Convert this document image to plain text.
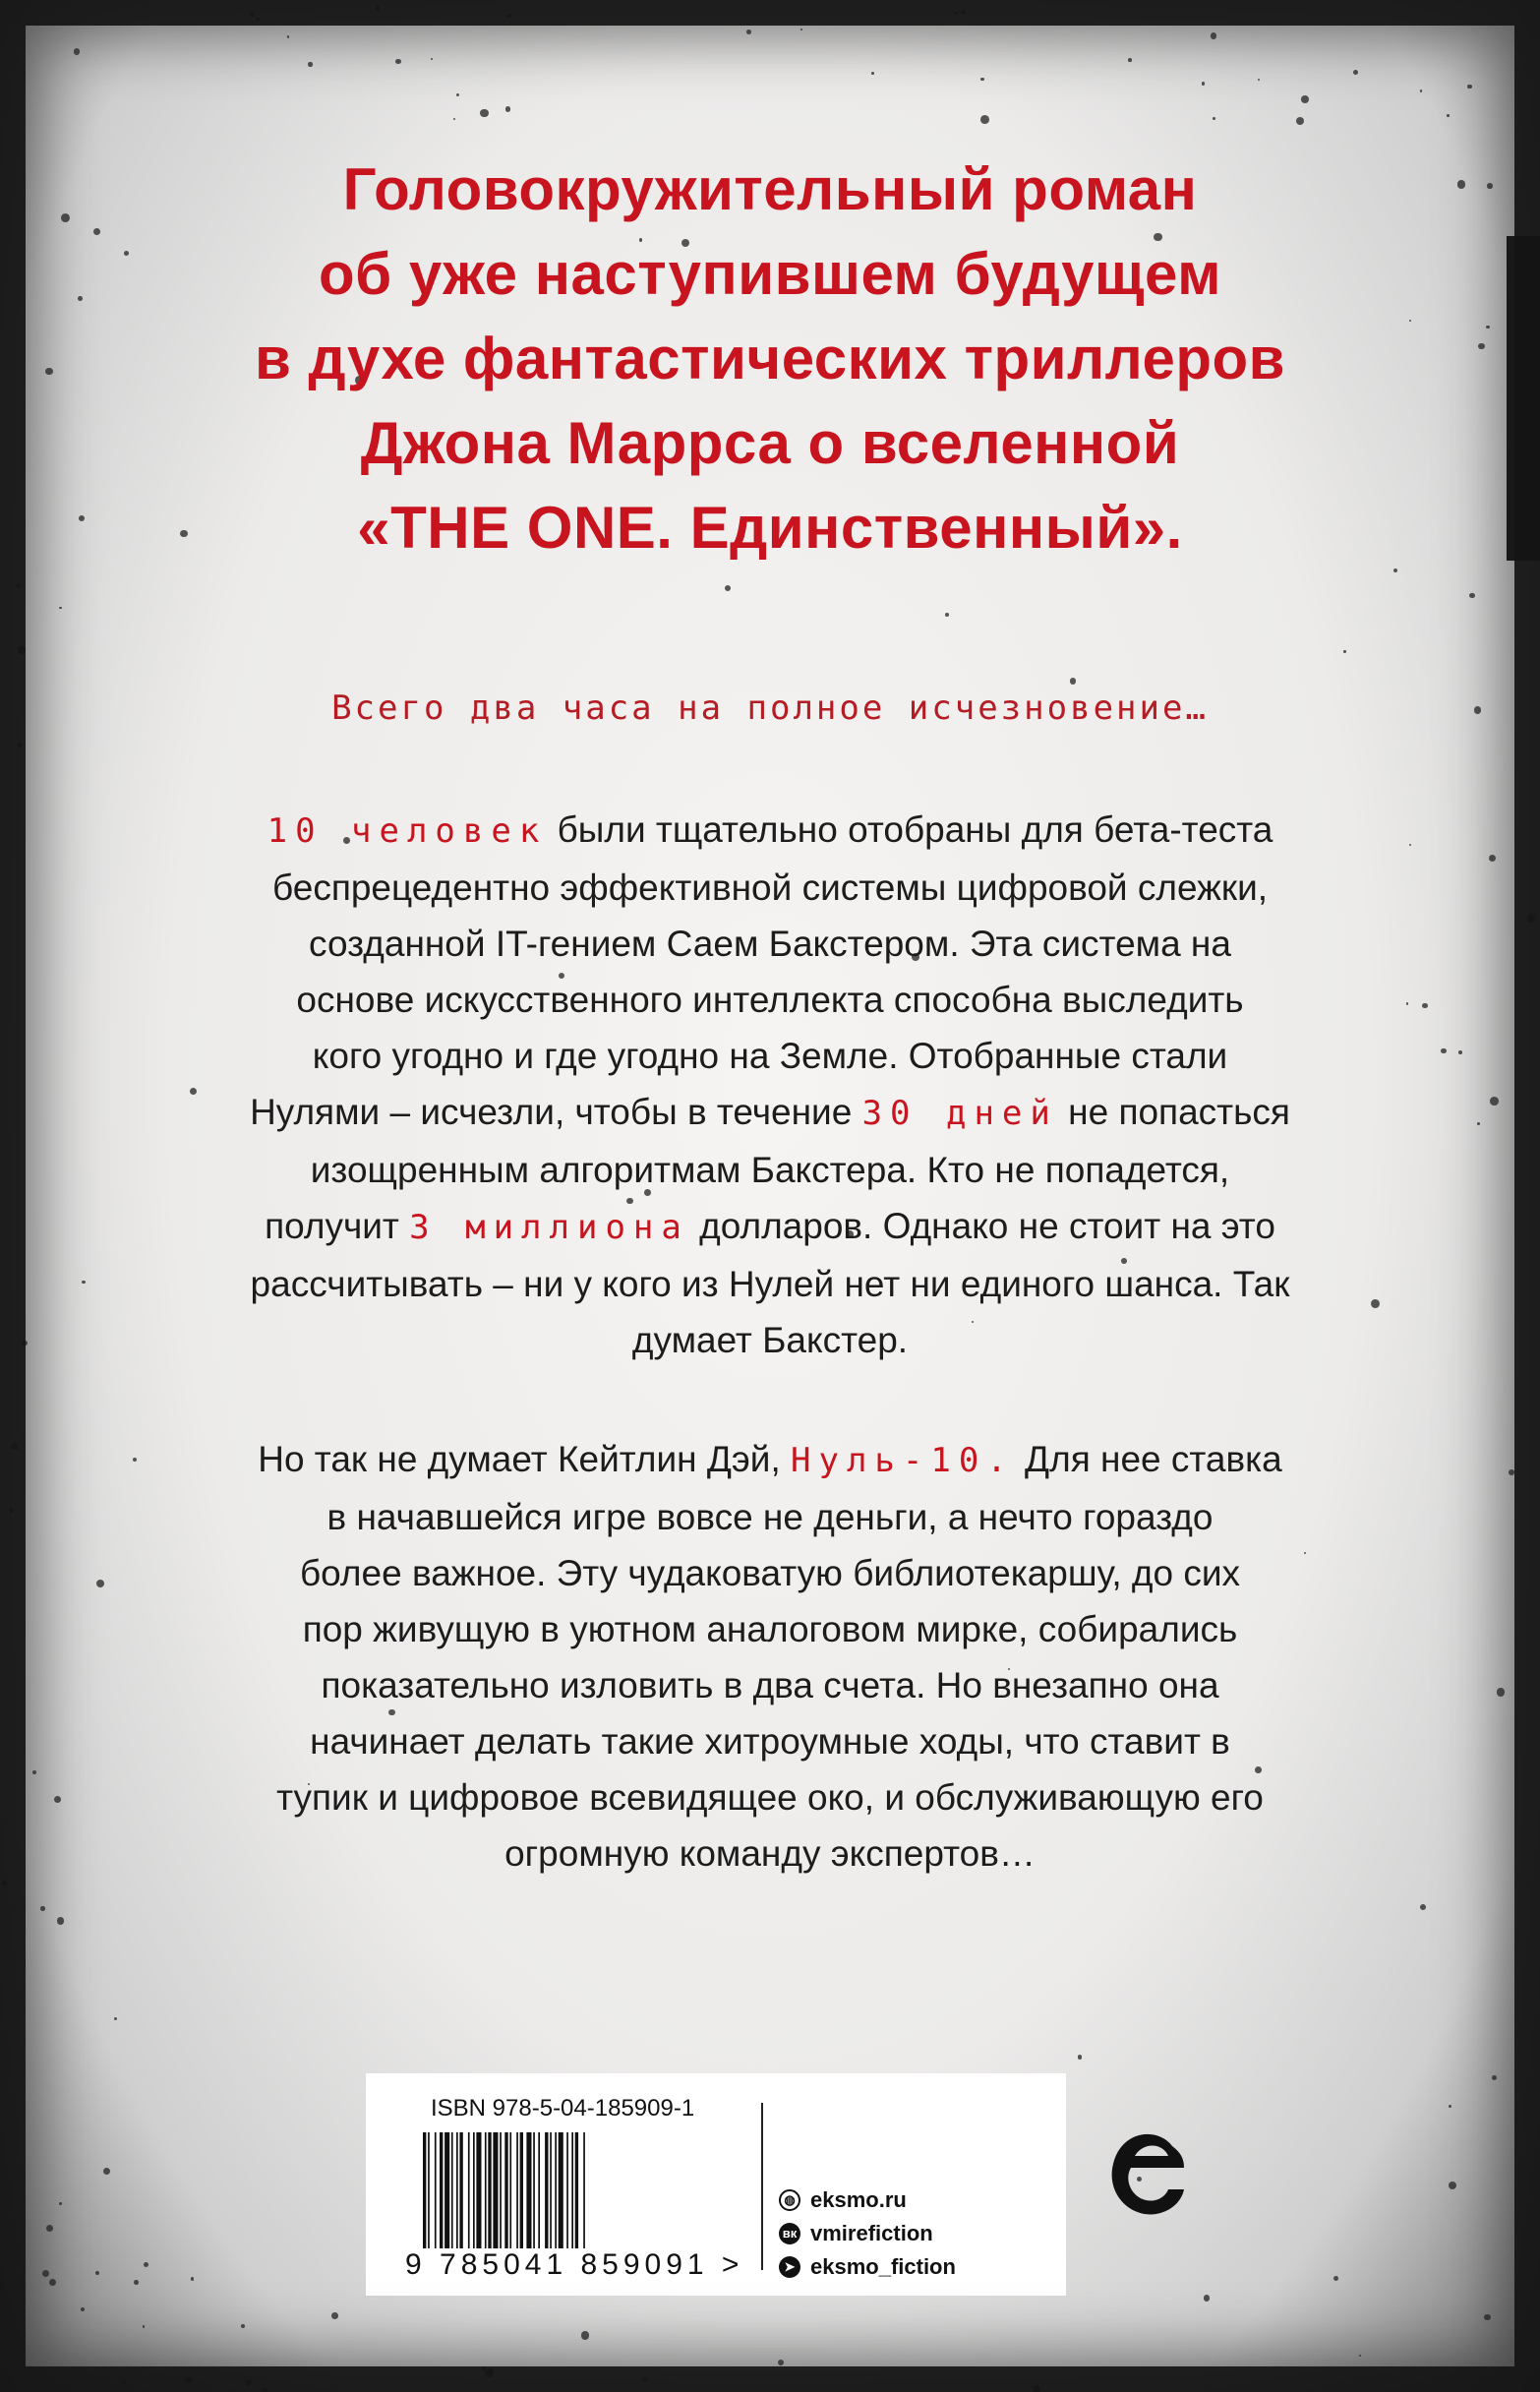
Головокружительный роман
об уже наступившем будущем
в духе фантастических триллеров
Джона Маррса о вселенной
«THE ONE. Единственный».
Всего два часа на полное исчезновение…
10 человек были тщательно отобраны для бета-теста
беспрецедентно эффективной системы цифровой слежки,
созданной IT-гением Саем Бакстером. Эта система на
основе искусственного интеллекта способна выследить
кого угодно и где угодно на Земле. Отобранные стали
Нулями – исчезли, чтобы в течение 30 дней не попасться
изощренным алгоритмам Бакстера. Кто не попадется,
получит 3 миллиона долларов. Однако не стоит на это
рассчитывать – ни у кого из Нулей нет ни единого шанса. Так
думает Бакстер.
Но так не думает Кейтлин Дэй, Нуль-10. Для нее ставка
в начавшейся игре вовсе не деньги, а нечто гораздо
более важное. Эту чудаковатую библиотекаршу, до сих
пор живущую в уютном аналоговом мирке, собирались
показательно изловить в два счета. Но внезапно она
начинает делать такие хитроумные ходы, что ставит в
тупик и цифровое всевидящее око, и обслуживающую его
огромную команду экспертов…
ISBN 978-5-04-185909-1
9 785041 859091 >
◍ eksmo.ru
вк vmirefiction
➤ eksmo_fiction
